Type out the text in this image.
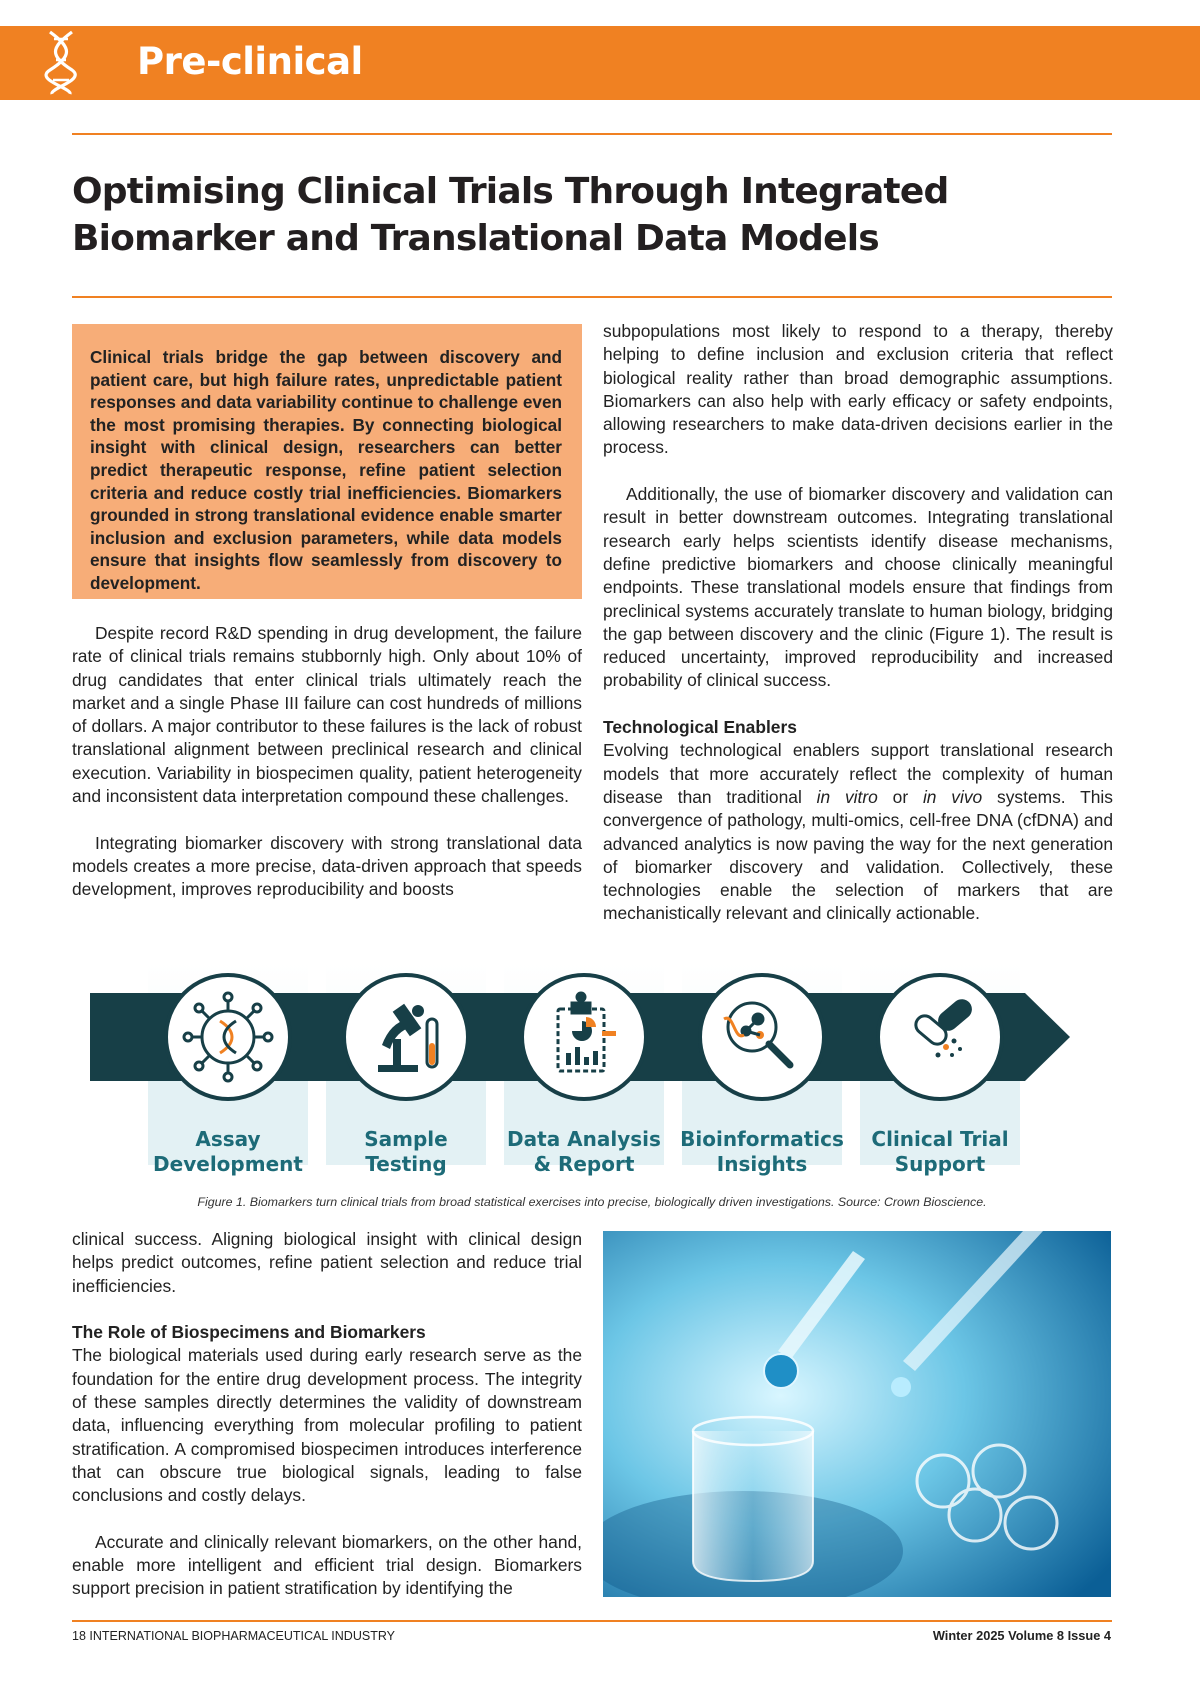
Pre-clinical
Optimising Clinical Trials Through Integrated Biomarker and Translational Data Models

Clinical trials bridge the gap between discovery and patient care, but high failure rates, unpredictable patient responses and data variability continue to challenge even the most promising therapies. By connecting biological insight with clinical design, researchers can better predict therapeutic response, refine patient selection criteria and reduce costly trial inefficiencies. Biomarkers grounded in strong translational evidence enable smarter inclusion and exclusion parameters, while data models ensure that insights flow seamlessly from discovery to development.

Despite record R&D spending in drug development, the failure rate of clinical trials remains stubbornly high. Only about 10% of drug candidates that enter clinical trials ultimately reach the market and a single Phase III failure can cost hundreds of millions of dollars. A major contributor to these failures is the lack of robust translational alignment between preclinical research and clinical execution. Variability in biospecimen quality, patient heterogeneity and inconsistent data interpretation compound these challenges.

Integrating biomarker discovery with strong translational data models creates a more precise, data-driven approach that speeds development, improves reproducibility and boosts

subpopulations most likely to respond to a therapy, thereby helping to define inclusion and exclusion criteria that reflect biological reality rather than broad demographic assumptions. Biomarkers can also help with early efficacy or safety endpoints, allowing researchers to make data-driven decisions earlier in the process.

Additionally, the use of biomarker discovery and validation can result in better downstream outcomes. Integrating translational research early helps scientists identify disease mechanisms, define predictive biomarkers and choose clinically meaningful endpoints. These translational models ensure that findings from preclinical systems accurately translate to human biology, bridging the gap between discovery and the clinic (Figure 1). The result is reduced uncertainty, improved reproducibility and increased probability of clinical success.

Technological Enablers

Evolving technological enablers support translational research models that more accurately reflect the complexity of human disease than traditional in vitro or in vivo systems. This convergence of pathology, multi-omics, cell-free DNA (cfDNA) and advanced analytics is now paving the way for the next generation of biomarker discovery and validation. Collectively, these technologies enable the selection of markers that are mechanistically relevant and clinically actionable.

Assay
Development
Sample
Testing
Data Analysis
& Report
Bioinformatics
Insights
Clinical Trial
Support

Figure 1. Biomarkers turn clinical trials from broad statistical exercises into precise, biologically driven investigations. Source: Crown Bioscience.

clinical success. Aligning biological insight with clinical design helps predict outcomes, refine patient selection and reduce trial inefficiencies.

The Role of Biospecimens and Biomarkers

The biological materials used during early research serve as the foundation for the entire drug development process. The integrity of these samples directly determines the validity of downstream data, influencing everything from molecular profiling to patient stratification. A compromised biospecimen introduces interference that can obscure true biological signals, leading to false conclusions and costly delays.

Accurate and clinically relevant biomarkers, on the other hand, enable more intelligent and efficient trial design. Biomarkers support precision in patient stratification by identifying the

18 INTERNATIONAL BIOPHARMACEUTICAL INDUSTRY	Winter 2025 Volume 8 Issue 4
